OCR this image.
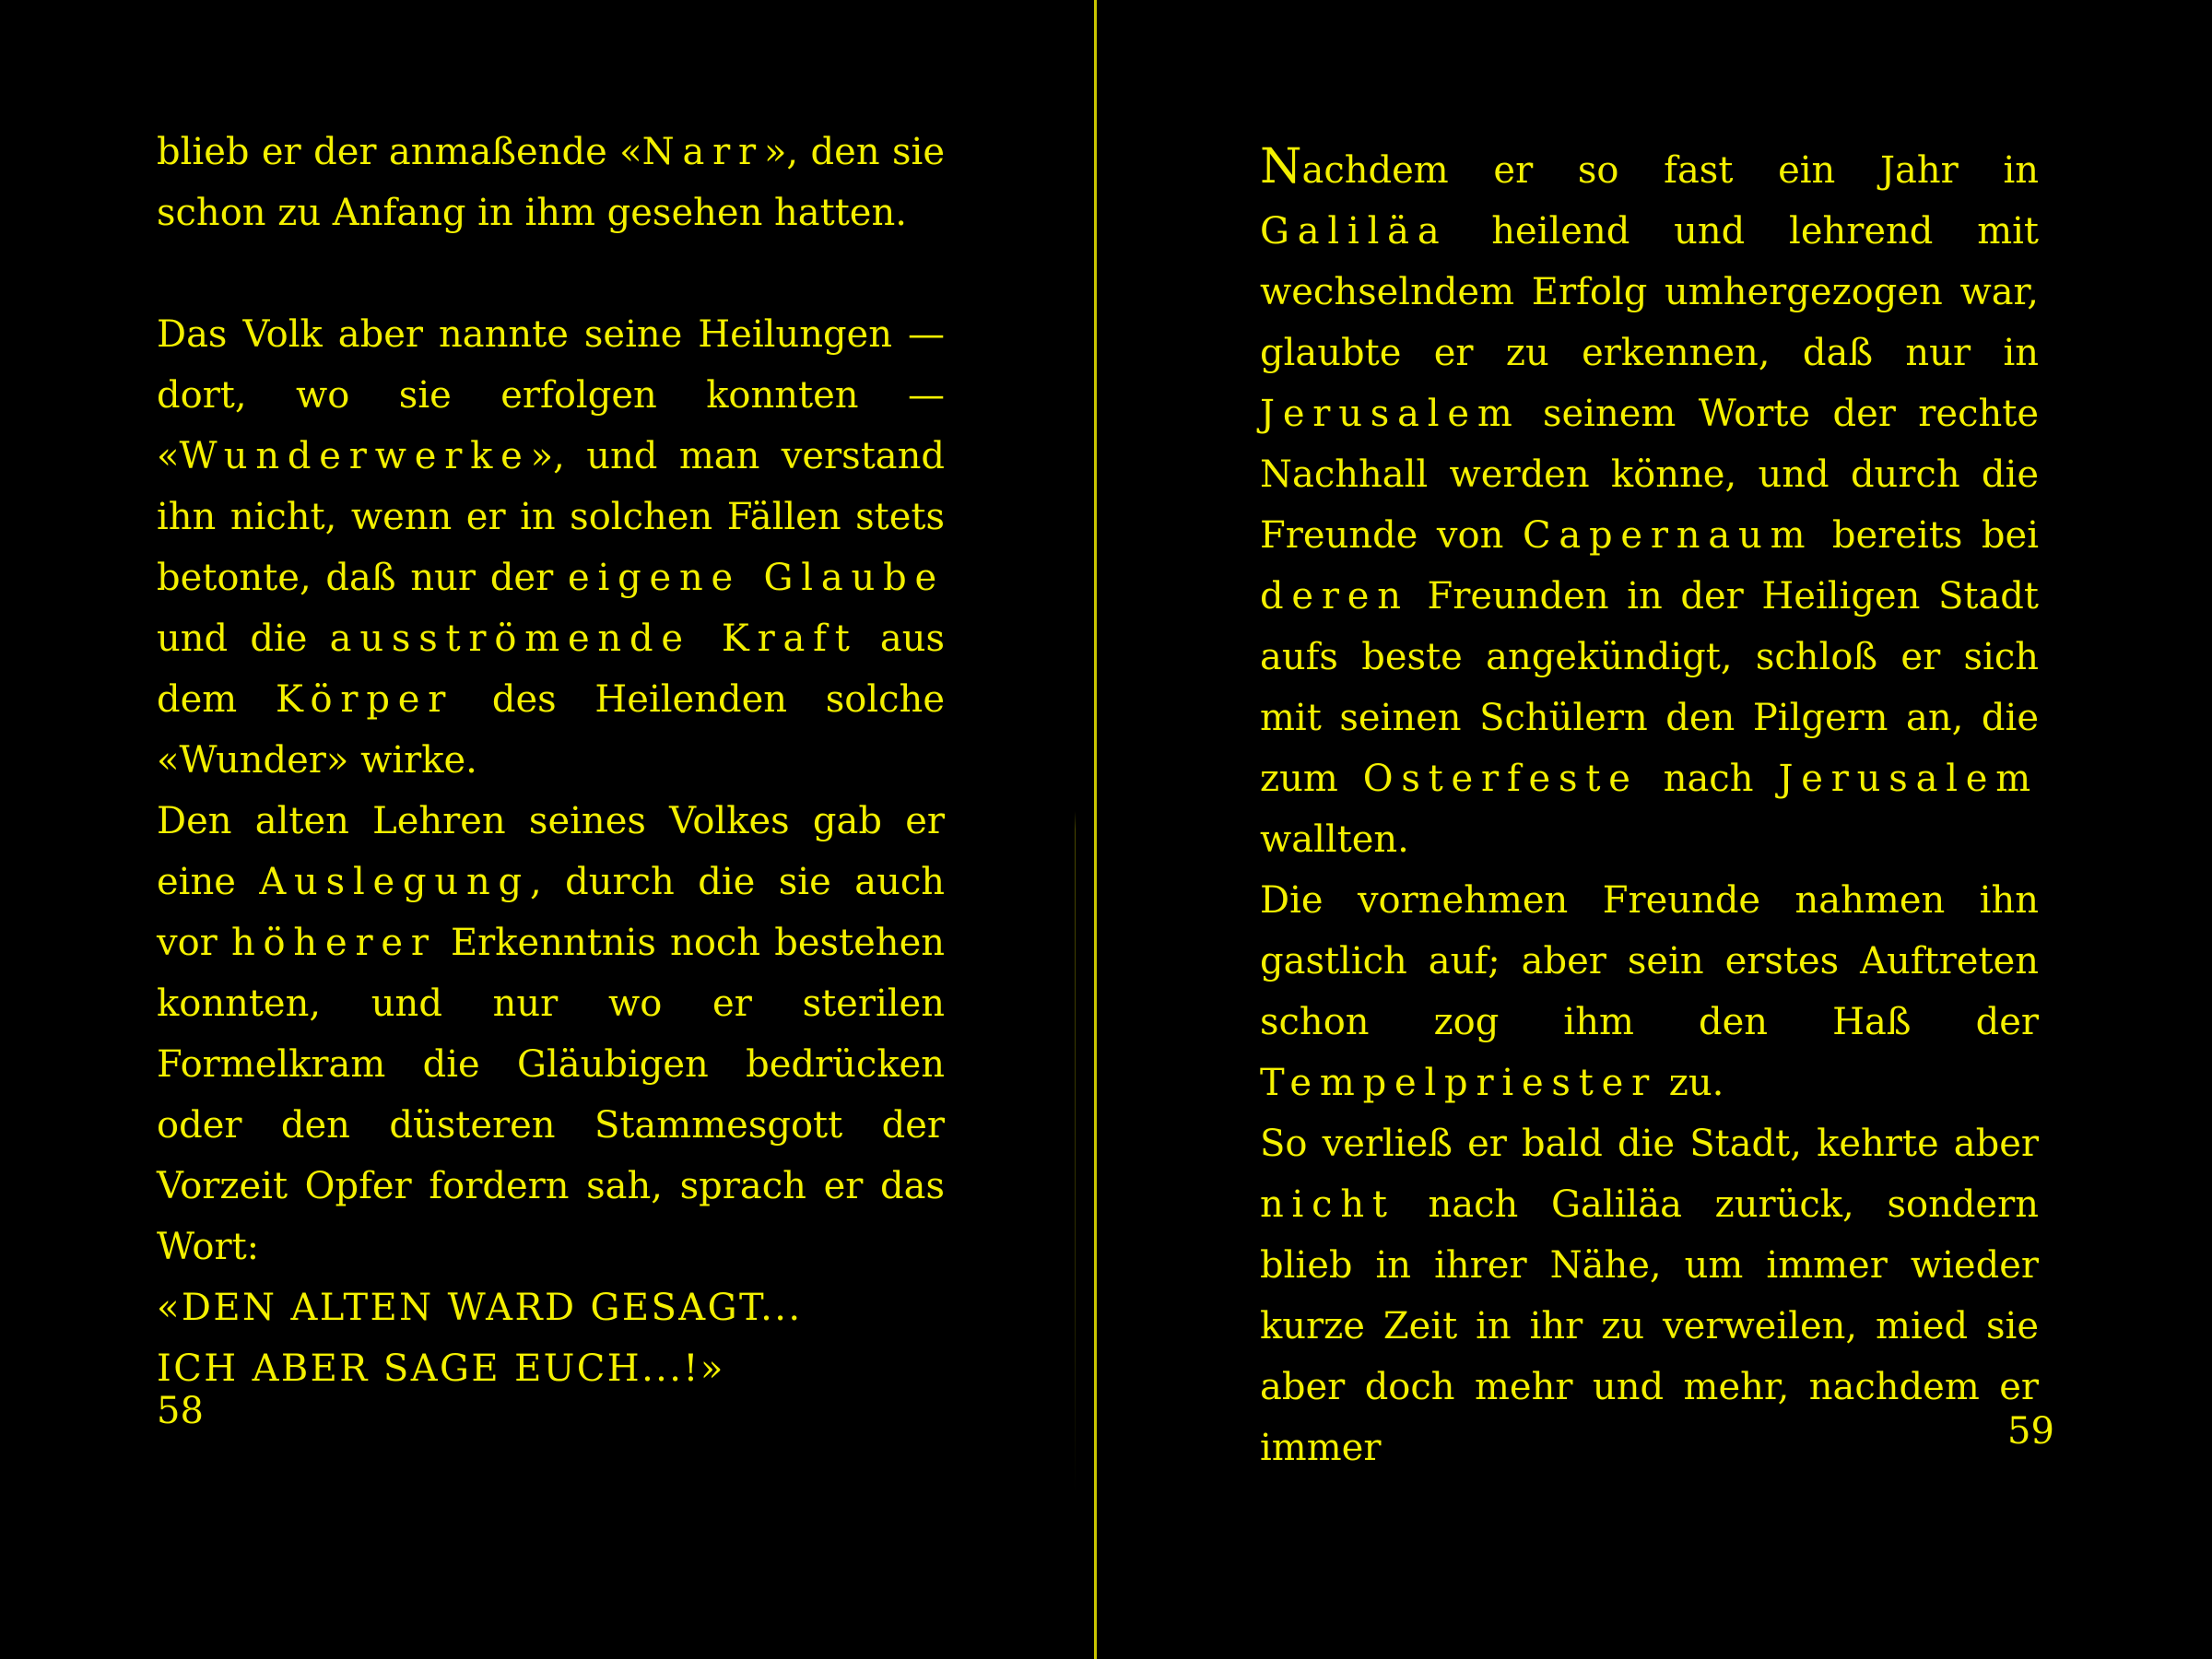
blieb er der anmaßende «Narr», den sie schon zu Anfang in ihm gesehen hatten.

Das Volk aber nannte seine Heilungen — dort, wo sie erfolgen konnten — «Wunderwerke», und man verstand ihn nicht, wenn er in solchen Fällen stets betonte, daß nur der eigene Glaube und die ausströmende Kraft aus dem Körper des Heilenden solche «Wunder» wirke.

Den alten Lehren seines Volkes gab er eine Auslegung, durch die sie auch vor höherer Erkenntnis noch bestehen konnten, und nur wo er sterilen Formelkram die Gläubigen bedrücken oder den düsteren Stammesgott der Vorzeit Opfer fordern sah, sprach er das Wort:

«DEN ALTEN WARD GESAGT...

ICH ABER SAGE EUCH...!»

58

Nachdem er so fast ein Jahr in Galiläa heilend und lehrend mit wechselndem Erfolg umhergezogen war, glaubte er zu erkennen, daß nur in Jerusalem seinem Worte der rechte Nachhall werden könne, und durch die Freunde von Capernaum bereits bei deren Freunden in der Heiligen Stadt aufs beste angekündigt, schloß er sich mit seinen Schülern den Pilgern an, die zum Osterfeste nach Jerusalem wallten.

Die vornehmen Freunde nahmen ihn gastlich auf; aber sein erstes Auftreten schon zog ihm den Haß der Tempelpriester zu.

So verließ er bald die Stadt, kehrte aber nicht nach Galiläa zurück, sondern blieb in ihrer Nähe, um immer wieder kurze Zeit in ihr zu verweilen, mied sie aber doch mehr und mehr, nachdem er immer	59
